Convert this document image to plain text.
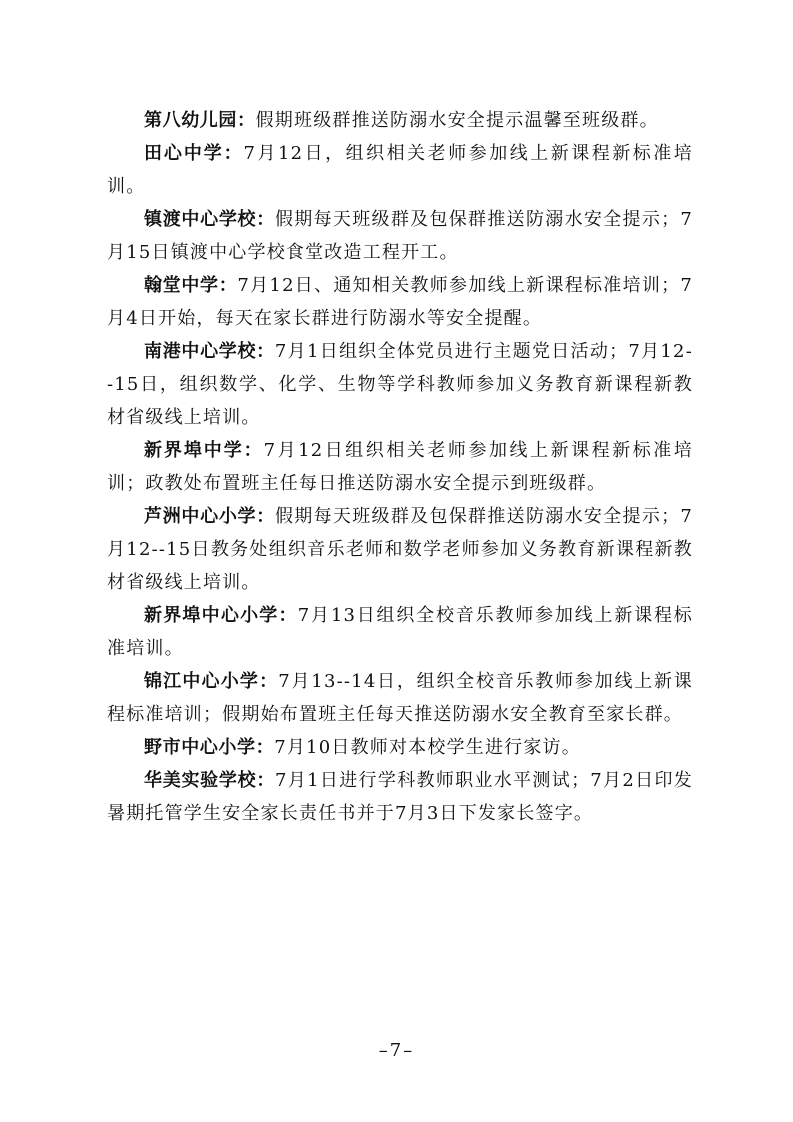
第八幼儿园：假期班级群推送防溺水安全提示温馨至班级群。

田心中学：7月12日，组织相关老师参加线上新课程新标准培训。

镇渡中心学校：假期每天班级群及包保群推送防溺水安全提示；7月15日镇渡中心学校食堂改造工程开工。

翰堂中学：7月12日、通知相关教师参加线上新课程标准培训；7月4日开始，每天在家长群进行防溺水等安全提醒。

南港中心学校：7月1日组织全体党员进行主题党日活动；7月12--15日，组织数学、化学、生物等学科教师参加义务教育新课程新教材省级线上培训。

新界埠中学：7月12日组织相关老师参加线上新课程新标准培训；政教处布置班主任每日推送防溺水安全提示到班级群。

芦洲中心小学：假期每天班级群及包保群推送防溺水安全提示；7月12--15日教务处组织音乐老师和数学老师参加义务教育新课程新教材省级线上培训。

新界埠中心小学：7月13日组织全校音乐教师参加线上新课程标准培训。

锦江中心小学：7月13--14日，组织全校音乐教师参加线上新课程标准培训；假期始布置班主任每天推送防溺水安全教育至家长群。

野市中心小学：7月10日教师对本校学生进行家访。

华美实验学校：7月1日进行学科教师职业水平测试；7月2日印发暑期托管学生安全家长责任书并于7月3日下发家长签字。

–7–
